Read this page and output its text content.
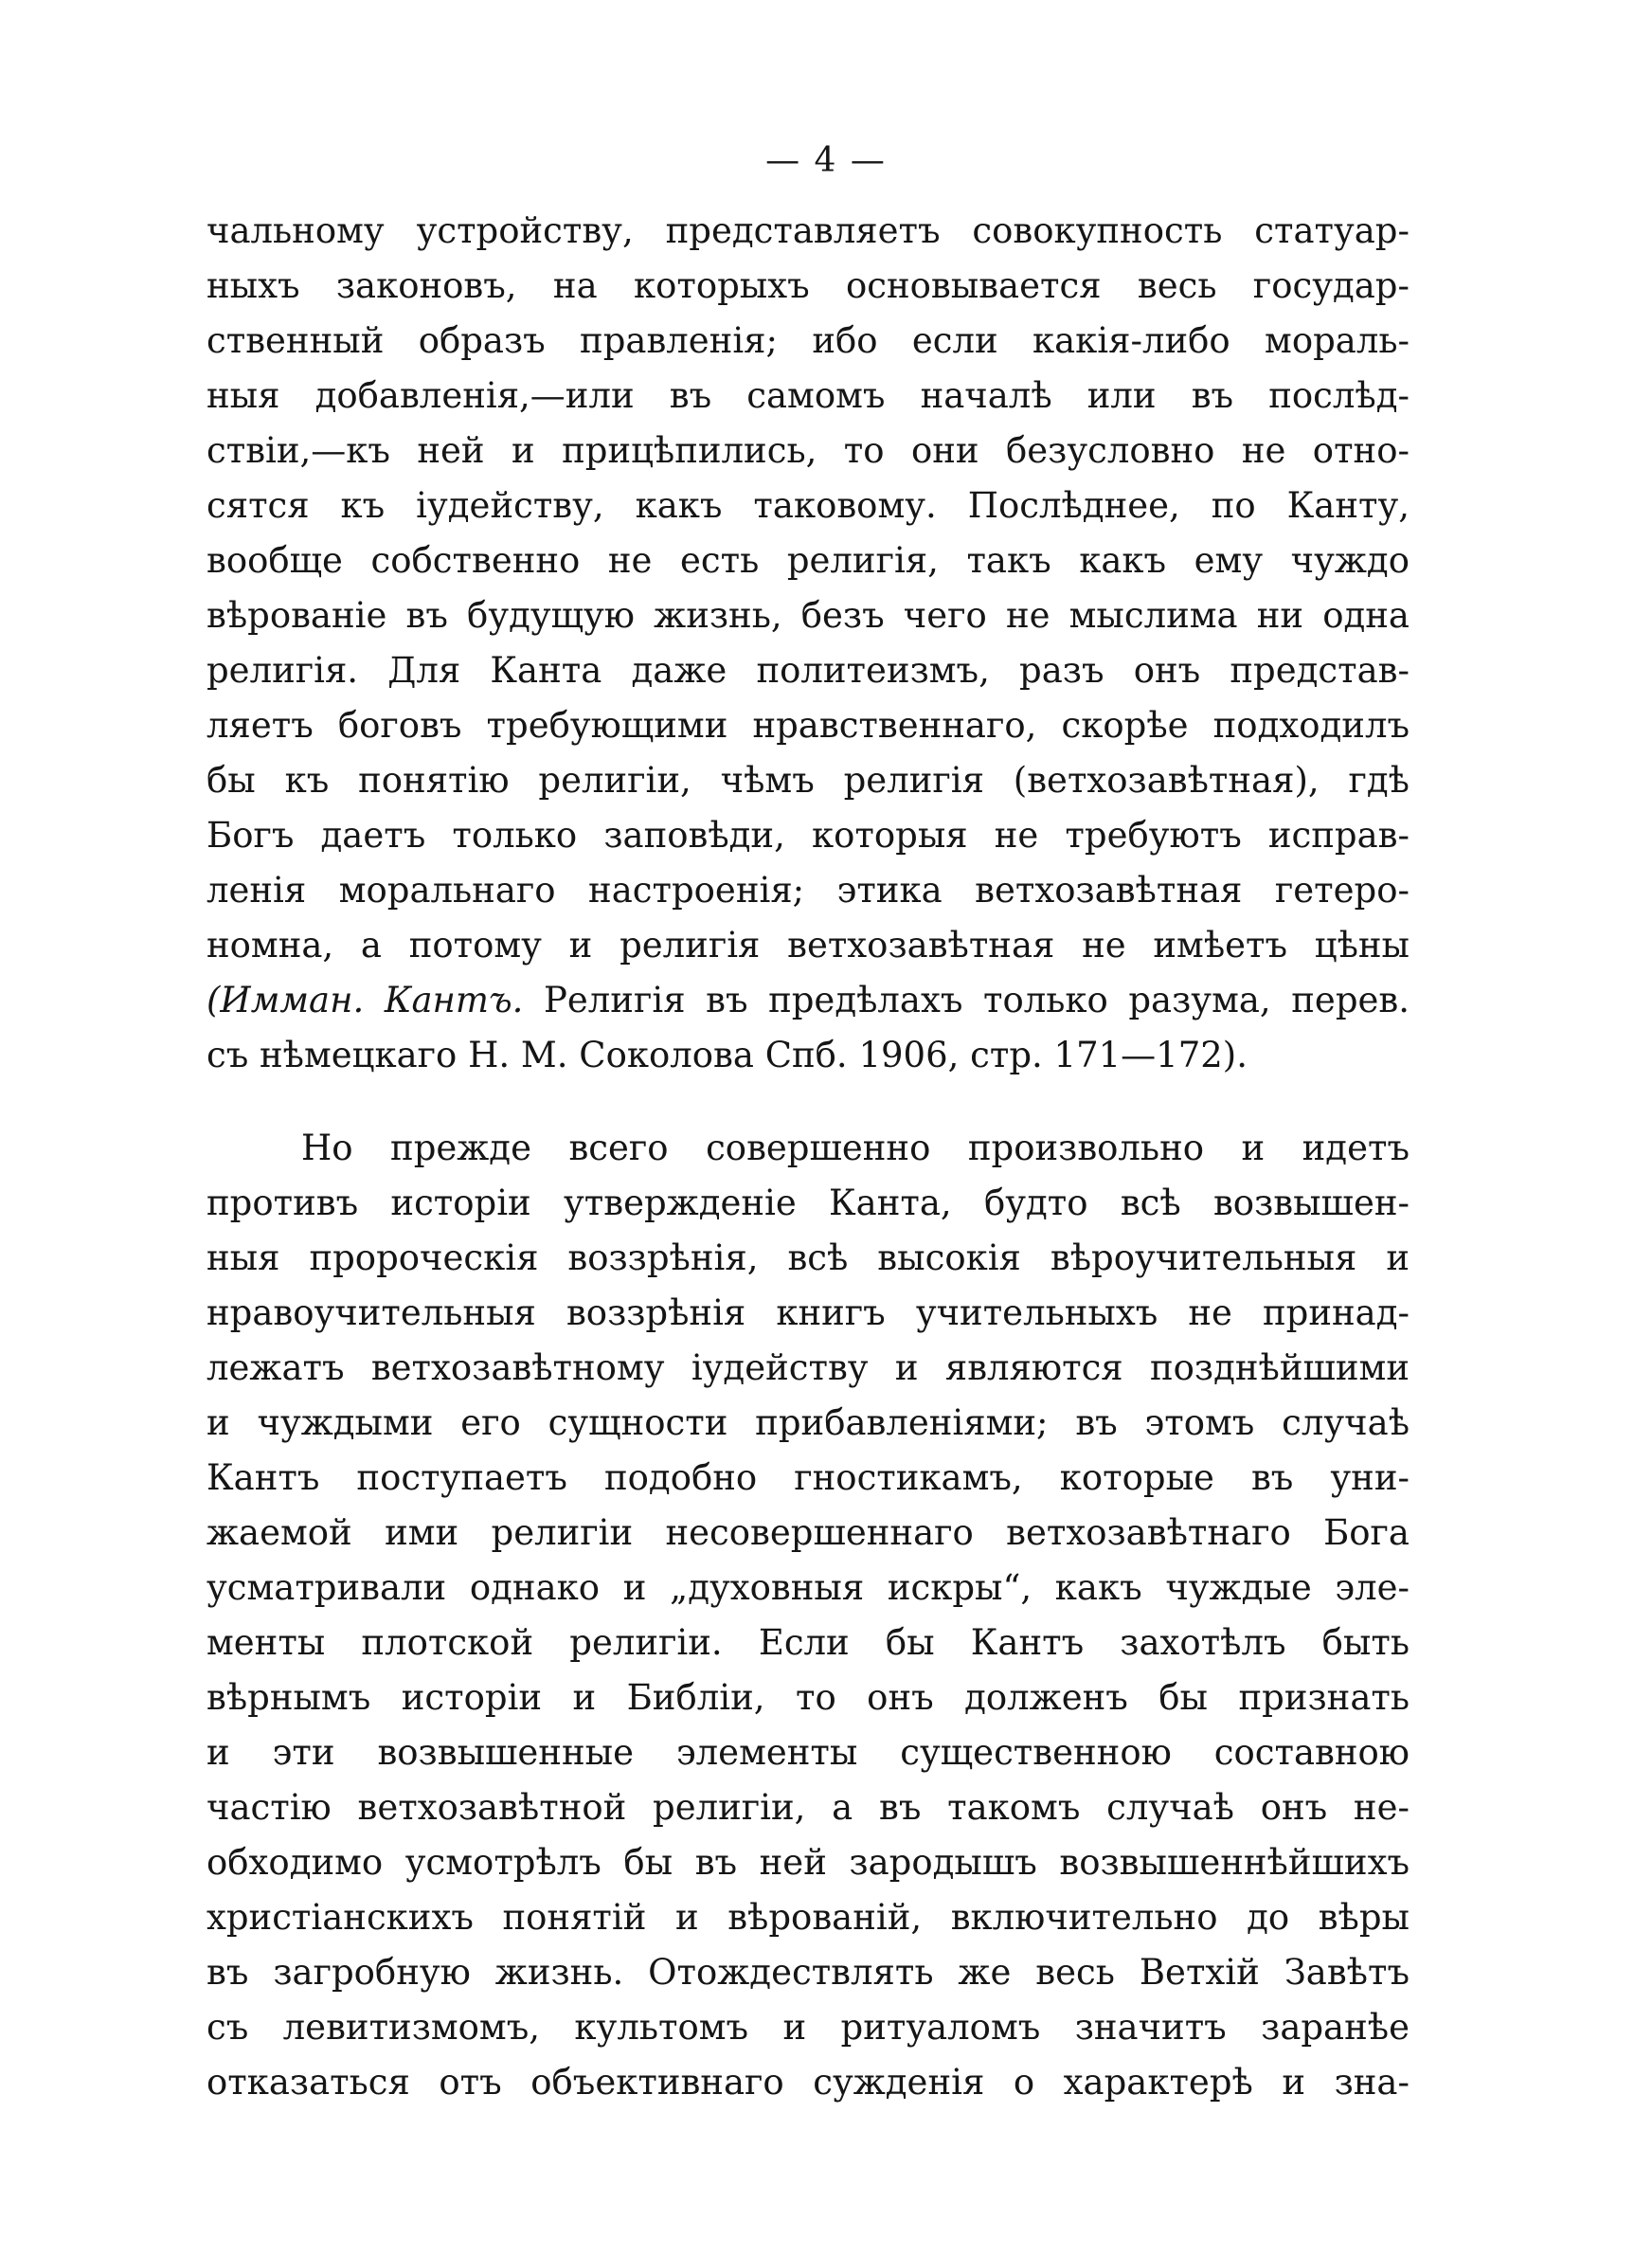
— 4 —
чальному устройству, представляетъ совокупность статуар-
ныхъ законовъ, на которыхъ основывается весь государ-
ственный образъ правленія; ибо если какія-либо мораль-
ныя добавленія,—или въ самомъ началѣ или въ послѣд-
ствіи,—къ ней и прицѣпились, то они безусловно не отно-
сятся къ іудейству, какъ таковому. Послѣднее, по Канту,
вообще собственно не есть религія, такъ какъ ему чуждо
вѣрованіе въ будущую жизнь, безъ чего не мыслима ни одна
религія. Для Канта даже политеизмъ, разъ онъ представ-
ляетъ боговъ требующими нравственнаго, скорѣе подходилъ
бы къ понятію религіи, чѣмъ религія (ветхозавѣтная), гдѣ
Богъ даетъ только заповѣди, которыя не требуютъ исправ-
ленія моральнаго настроенія; этика ветхозавѣтная гетеро-
номна, а потому и религія ветхозавѣтная не имѣетъ цѣны
(Имман. Кантъ. Религія въ предѣлахъ только разума, перев.
съ нѣмецкаго Н. М. Соколова Спб. 1906, стр. 171—172).
Но прежде всего совершенно произвольно и идетъ
противъ исторіи утвержденіе Канта, будто всѣ возвышен-
ныя пророческія воззрѣнія, всѣ высокія вѣроучительныя и
нравоучительныя воззрѣнія книгъ учительныхъ не принад-
лежатъ ветхозавѣтному іудейству и являются позднѣйшими
и чуждыми его сущности прибавленіями; въ этомъ случаѣ
Кантъ поступаетъ подобно гностикамъ, которые въ уни-
жаемой ими религіи несовершеннаго ветхозавѣтнаго Бога
усматривали однако и „духовныя искры“, какъ чуждые эле-
менты плотской религіи. Если бы Кантъ захотѣлъ быть
вѣрнымъ исторіи и Библіи, то онъ долженъ бы признать
и эти возвышенные элементы существенною составною
частію ветхозавѣтной религіи, а въ такомъ случаѣ онъ не-
обходимо усмотрѣлъ бы въ ней зародышъ возвышеннѣйшихъ
христіанскихъ понятій и вѣрованій, включительно до вѣры
въ загробную жизнь. Отождествлять же весь Ветхій Завѣтъ
съ левитизмомъ, культомъ и ритуаломъ значитъ заранѣе
отказаться отъ объективнаго сужденія о характерѣ и зна-
